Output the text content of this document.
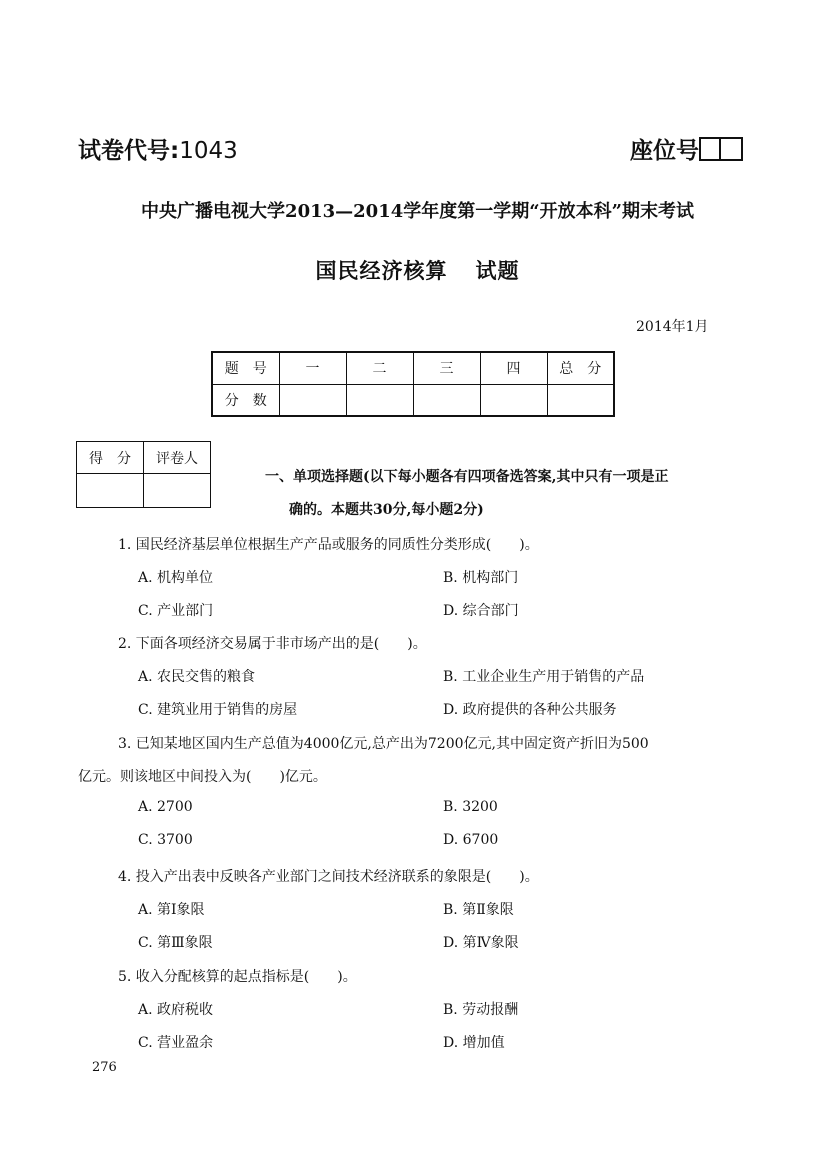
试卷代号:1043	座位号
中央广播电视大学2013—2014学年度第一学期“开放本科”期末考试
国民经济核算 试题
2014年1月
题　号	一	二	三	四	总　分
分　数					
得　分	评卷人

一、单项选择题(以下每小题各有四项备选答案,其中只有一项是正
确的。本题共30分,每小题2分)
1. 国民经济基层单位根据生产产品或服务的同质性分类形成(　　)。
A. 机构单位	B. 机构部门
C. 产业部门	D. 综合部门
2. 下面各项经济交易属于非市场产出的是(　　)。
A. 农民交售的粮食	B. 工业企业生产用于销售的产品
C. 建筑业用于销售的房屋	D. 政府提供的各种公共服务
3. 已知某地区国内生产总值为4000亿元,总产出为7200亿元,其中固定资产折旧为500
亿元。则该地区中间投入为(　　)亿元。
A. 2700	B. 3200
C. 3700	D. 6700
4. 投入产出表中反映各产业部门之间技术经济联系的象限是(　　)。
A. 第Ⅰ象限	B. 第Ⅱ象限
C. 第Ⅲ象限	D. 第Ⅳ象限
5. 收入分配核算的起点指标是(　　)。
A. 政府税收	B. 劳动报酬
C. 营业盈余	D. 增加值
276
